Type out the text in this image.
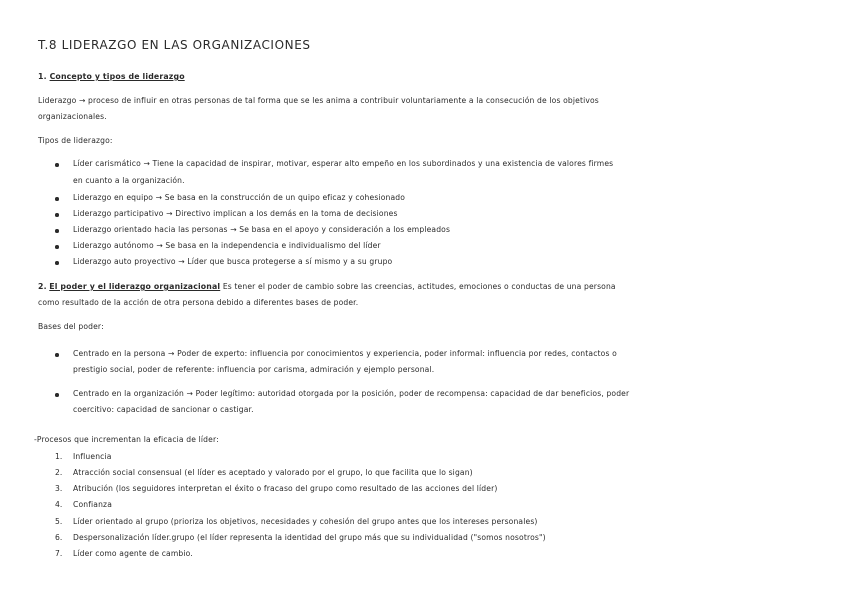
T.8 LIDERAZGO EN LAS ORGANIZACIONES
1. Concepto y tipos de liderazgo
Liderazgo → proceso de influir en otras personas de tal forma que se les anima a contribuir voluntariamente a la consecución de los objetivos
organizacionales.
Tipos de liderazgo:
Líder carismático → Tiene la capacidad de inspirar, motivar, esperar alto empeño en los subordinados y una existencia de valores firmes
en cuanto a la organización.
Liderazgo en equipo → Se basa en la construcción de un quipo eficaz y cohesionado
Liderazgo participativo → Directivo implican a los demás en la toma de decisiones
Liderazgo orientado hacia las personas → Se basa en el apoyo y consideración a los empleados
Liderazgo autónomo → Se basa en la independencia e individualismo del líder
Liderazgo auto proyectivo → Líder que busca protegerse a sí mismo y a su grupo
2. El poder y el liderazgo organizacional Es tener el poder de cambio sobre las creencias, actitudes, emociones o conductas de una persona
como resultado de la acción de otra persona debido a diferentes bases de poder.
Bases del poder:
Centrado en la persona → Poder de experto: influencia por conocimientos y experiencia, poder informal: influencia por redes, contactos o
prestigio social, poder de referente: influencia por carisma, admiración y ejemplo personal.
Centrado en la organización → Poder legítimo: autoridad otorgada por la posición, poder de recompensa: capacidad de dar beneficios, poder
coercitivo: capacidad de sancionar o castigar.
-Procesos que incrementan la eficacia de líder:
1. Influencia
2. Atracción social consensual (el líder es aceptado y valorado por el grupo, lo que facilita que lo sigan)
3. Atribución (los seguidores interpretan el éxito o fracaso del grupo como resultado de las acciones del líder)
4. Confianza
5. Líder orientado al grupo (prioriza los objetivos, necesidades y cohesión del grupo antes que los intereses personales)
6. Despersonalización líder.grupo (el líder representa la identidad del grupo más que su individualidad ("somos nosotros")
7. Líder como agente de cambio.
